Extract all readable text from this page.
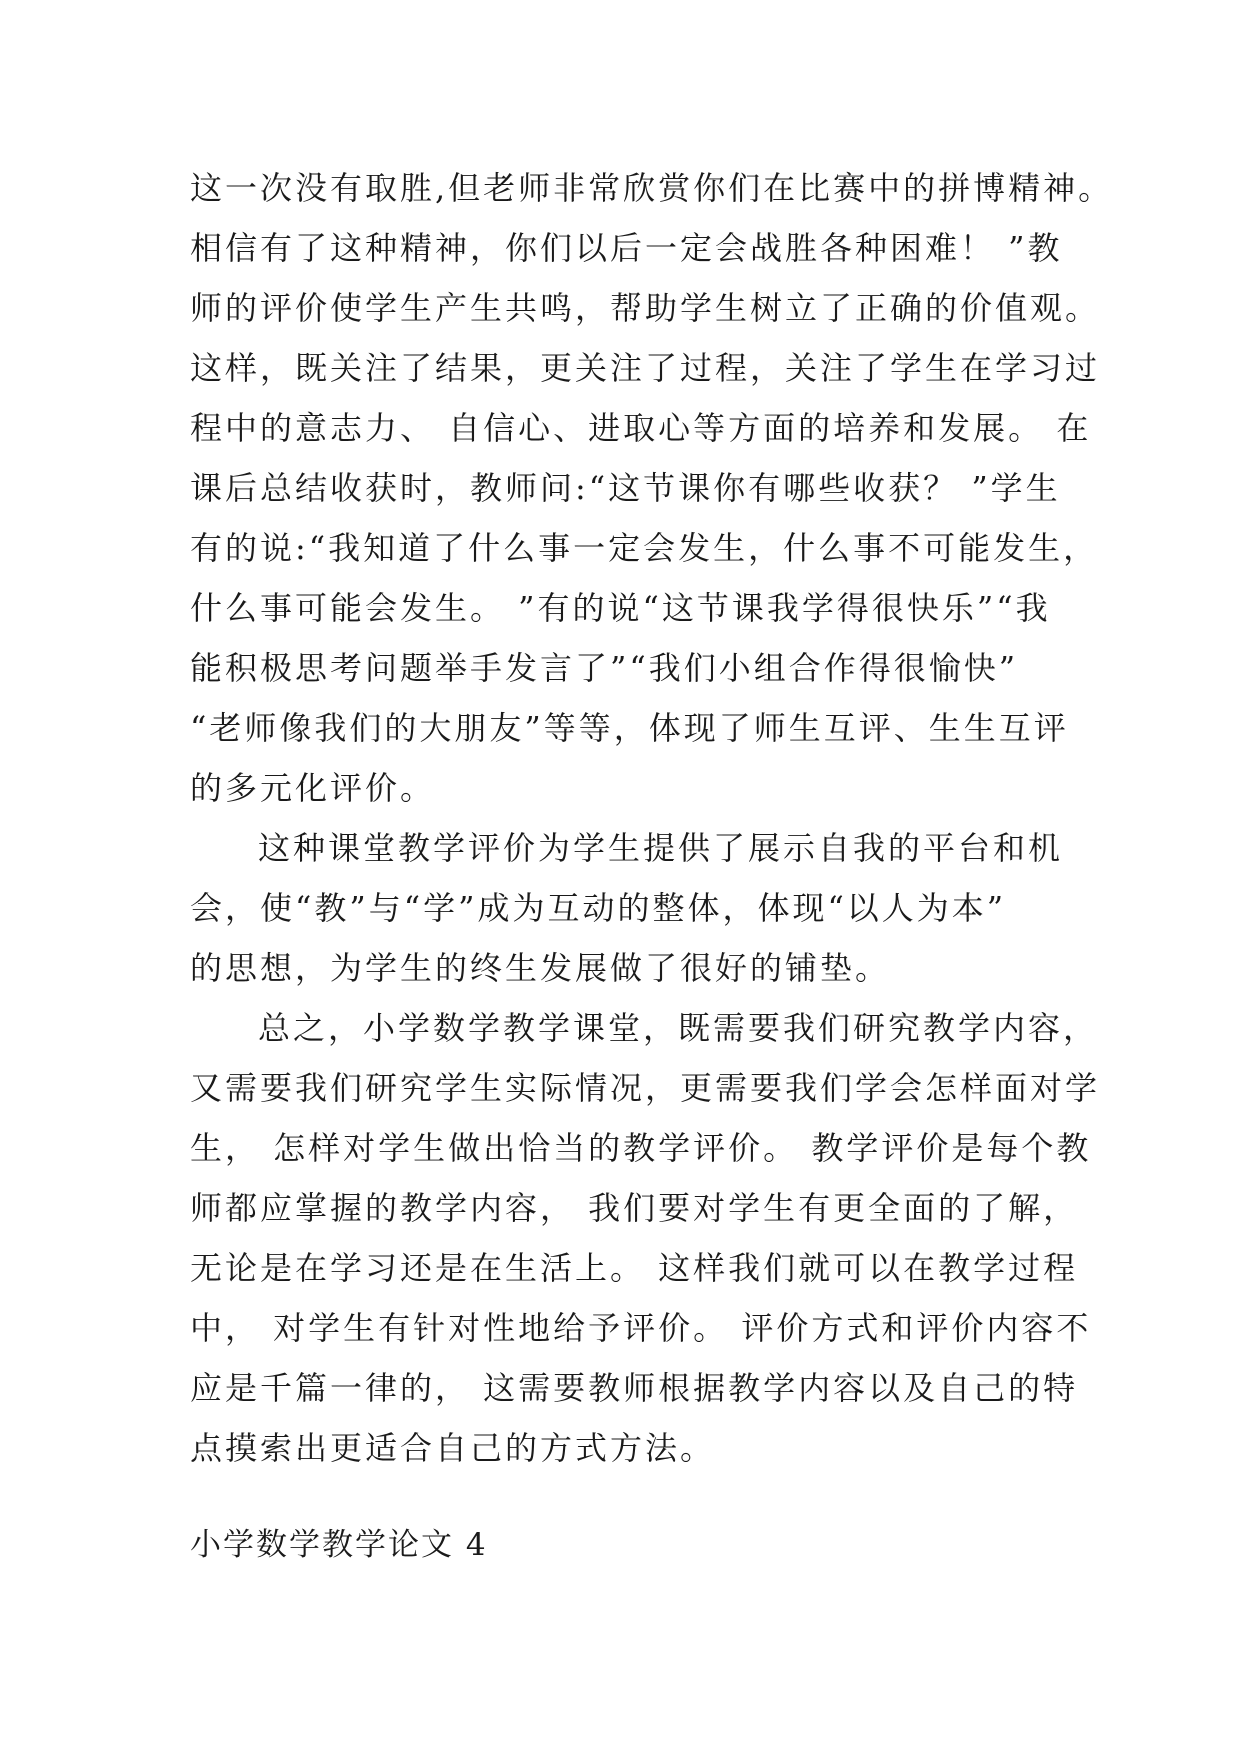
这一次没有取胜,但老师非常欣赏你们在比赛中的拼博精神。
相信有了这种精神，你们以后一定会战胜各种困难！ ”教
师的评价使学生产生共鸣，帮助学生树立了正确的价值观。
这样，既关注了结果，更关注了过程，关注了学生在学习过
程中的意志力、 自信心、进取心等方面的培养和发展。 在
课后总结收获时，教师问:“这节课你有哪些收获？ ”学生
有的说:“我知道了什么事一定会发生，什么事不可能发生，
什么事可能会发生。 ”有的说“这节课我学得很快乐”“我
能积极思考问题举手发言了”“我们小组合作得很愉快”
“老师像我们的大朋友”等等，体现了师生互评、生生互评
的多元化评价。
这种课堂教学评价为学生提供了展示自我的平台和机
会，使“教”与“学”成为互动的整体，体现“以人为本”
的思想，为学生的终生发展做了很好的铺垫。
总之，小学数学教学课堂，既需要我们研究教学内容，
又需要我们研究学生实际情况，更需要我们学会怎样面对学
生， 怎样对学生做出恰当的教学评价。 教学评价是每个教
师都应掌握的教学内容， 我们要对学生有更全面的了解，
无论是在学习还是在生活上。 这样我们就可以在教学过程
中， 对学生有针对性地给予评价。 评价方式和评价内容不
应是千篇一律的， 这需要教师根据教学内容以及自己的特
点摸索出更适合自己的方式方法。
小学数学教学论文 4
